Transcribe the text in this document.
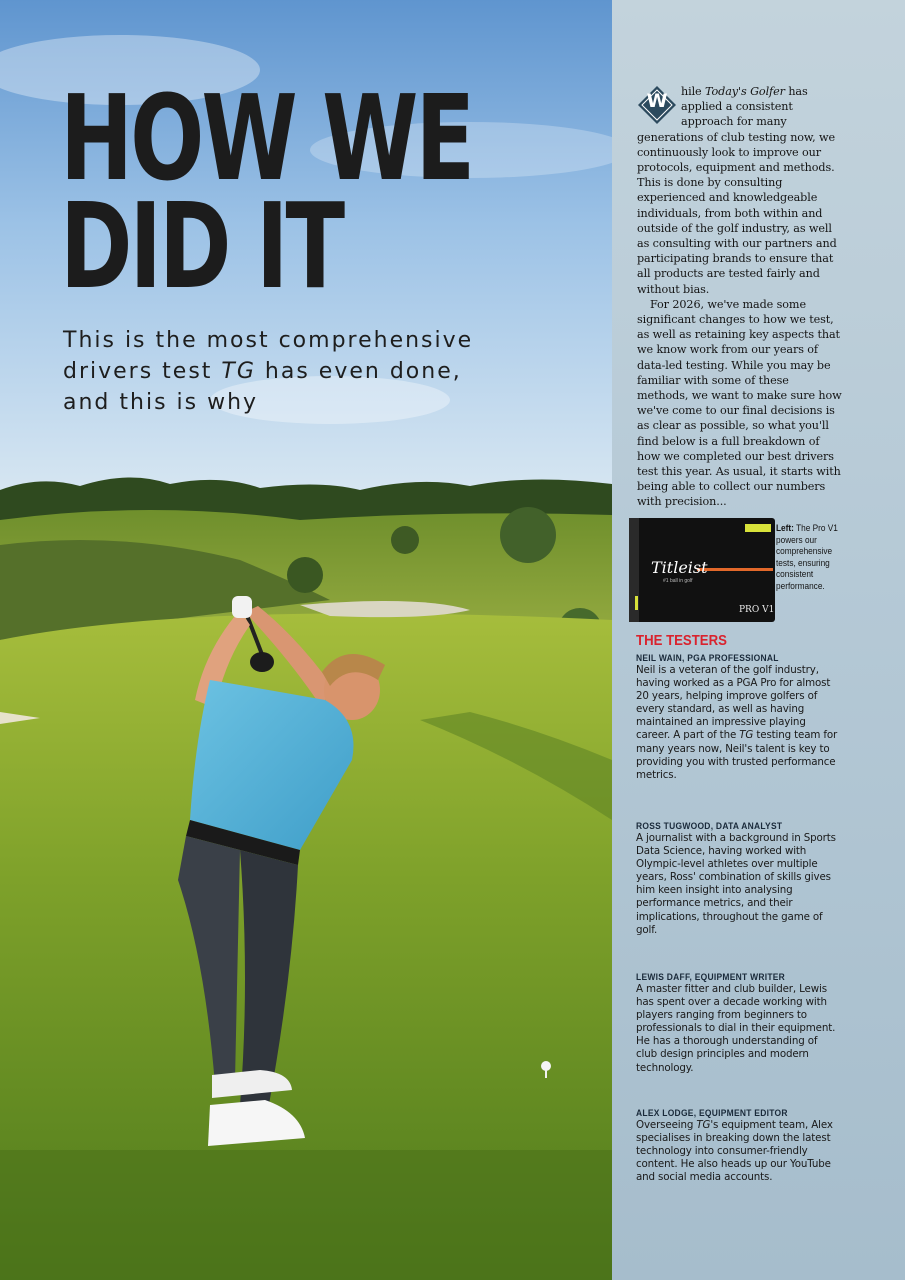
HOW WE
DID IT

This is the most comprehensive drivers test TG has even done, and this is why

W	hile Today's Golfer has applied a consistent approach for many generations of club testing now, we continuously look to improve our protocols, equipment and methods. This is done by consulting experienced and knowledgeable individuals, from both within and outside of the golf industry, as well as consulting with our partners and participating brands to ensure that all products are tested fairly and without bias.

For 2026, we've made some significant changes to how we test, as well as retaining key aspects that we know work from our years of data-led testing. While you may be familiar with some of these methods, we want to make sure how we've come to our final decisions is as clear as possible, so what you'll find below is a full breakdown of how we completed our best drivers test this year. As usual, it starts with being able to collect our numbers with precision...

Titleist
#1 ball in golf
PRO V1

Left: The Pro V1 powers our comprehensive tests, ensuring consistent performance.

THE TESTERS
NEIL WAIN, PGA PROFESSIONAL

Neil is a veteran of the golf industry, having worked as a PGA Pro for almost 20 years, helping improve golfers of every standard, as well as having maintained an impressive playing career. A part of the TG testing team for many years now, Neil's talent is key to providing you with trusted performance metrics.

ROSS TUGWOOD, DATA ANALYST

A journalist with a background in Sports Data Science, having worked with Olympic-level athletes over multiple years, Ross' combination of skills gives him keen insight into analysing performance metrics, and their implications, throughout the game of golf.

LEWIS DAFF, EQUIPMENT WRITER

A master fitter and club builder, Lewis has spent over a decade working with players ranging from beginners to professionals to dial in their equipment. He has a thorough understanding of club design principles and modern technology.

ALEX LODGE, EQUIPMENT EDITOR

Overseeing TG's equipment team, Alex specialises in breaking down the latest technology into consumer-friendly content. He also heads up our YouTube and social media accounts.
